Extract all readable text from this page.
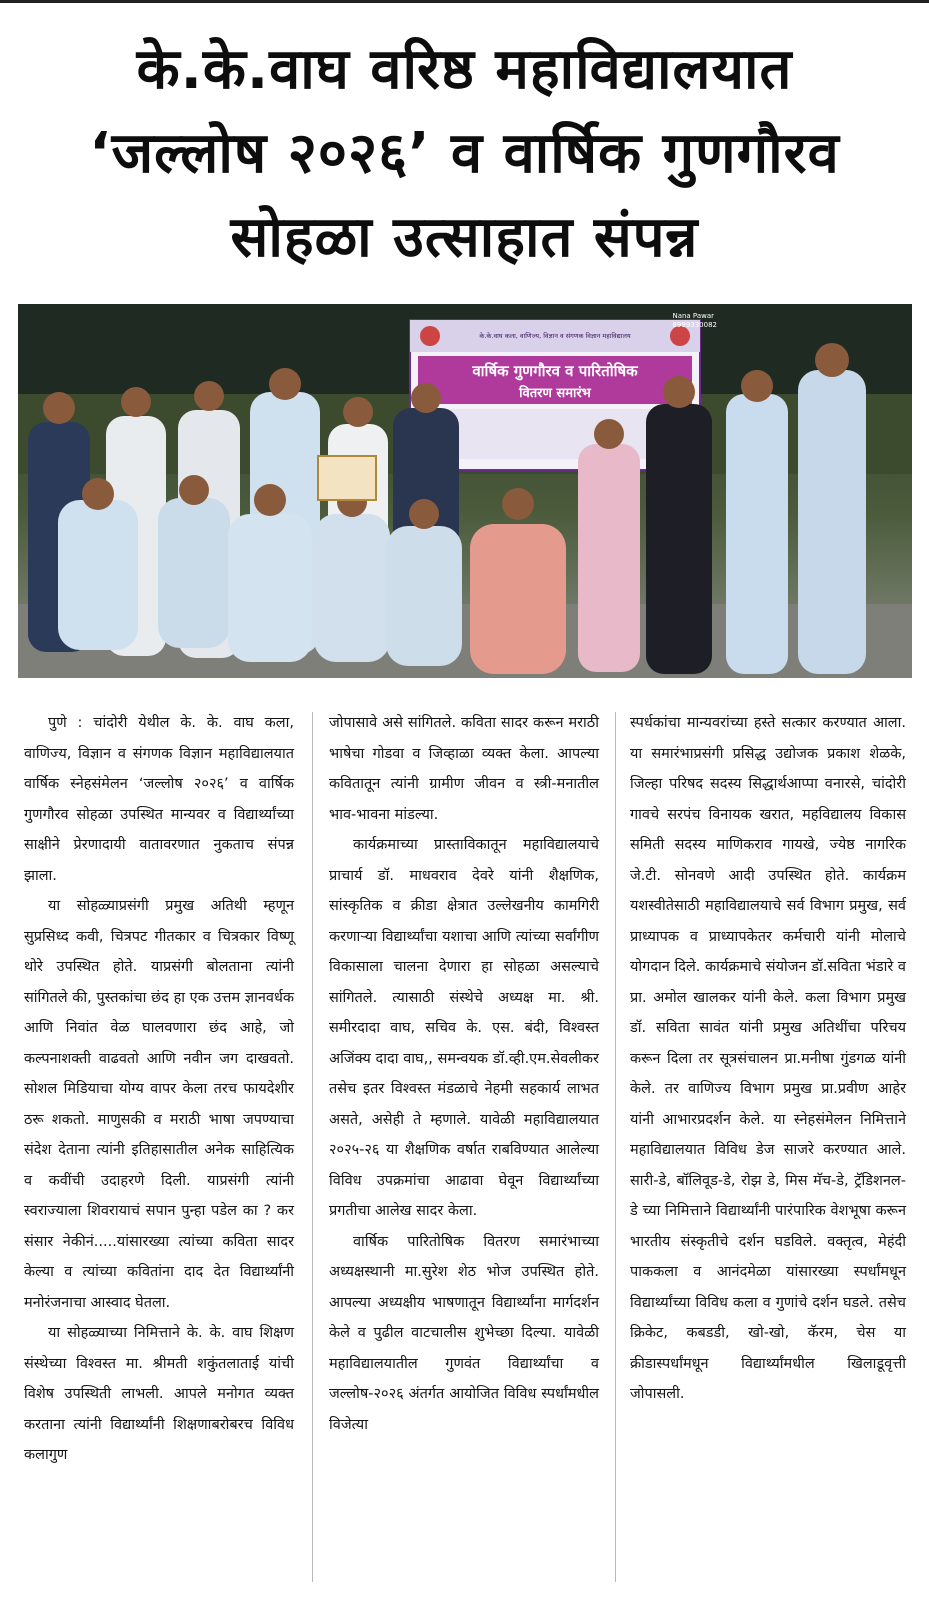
के.के.वाघ वरिष्ठ महाविद्यालयात
‘जल्लोष २०२६’ व वार्षिक गुणगौरव
सोहळा उत्साहात संपन्न
वार्षिक गुणगौरव व पारितोषिक
वितरण समारंभ
के.के.वाघ कला, वाणिज्य, विज्ञान व संगणक विज्ञान महाविद्यालय
Nana Pawar
8999330082

पुणे : चांदोरी येथील के. के. वाघ कला, वाणिज्य, विज्ञान व संगणक विज्ञान महाविद्यालयात वार्षिक स्नेहसंमेलन ‘जल्लोष २०२६’ व वार्षिक गुणगौरव सोहळा उपस्थित मान्यवर व विद्यार्थ्यांच्या साक्षीने प्रेरणादायी वातावरणात नुकताच संपन्न झाला.

या सोहळ्याप्रसंगी प्रमुख अतिथी म्हणून सुप्रसिध्द कवी, चित्रपट गीतकार व चित्रकार विष्णू थोरे उपस्थित होते. याप्रसंगी बोलताना त्यांनी सांगितले की, पुस्तकांचा छंद हा एक उत्तम ज्ञानवर्धक आणि निवांत वेळ घालवणारा छंद आहे, जो कल्पनाशक्ती वाढवतो आणि नवीन जग दाखवतो. सोशल मिडियाचा योग्य वापर केला तरच फायदेशीर ठरू शकतो. माणुसकी व मराठी भाषा जपण्याचा संदेश देताना त्यांनी इतिहासातील अनेक साहित्यिक व कवींची उदाहरणे दिली. याप्रसंगी त्यांनी स्वराज्याला शिवरायाचं सपान पुन्हा पडेल का ? कर संसार नेकीनं.....यांसारख्या त्यांच्या कविता सादर केल्या व त्यांच्या कवितांना दाद देत विद्यार्थ्यांनी मनोरंजनाचा आस्वाद घेतला.

या सोहळ्याच्या निमित्ताने के. के. वाघ शिक्षण संस्थेच्या विश्वस्त मा. श्रीमती शकुंतलाताई यांची विशेष उपस्थिती लाभली. आपले मनोगत व्यक्त करताना त्यांनी विद्यार्थ्यांनी शिक्षणाबरोबरच विविध कलागुण

जोपासावे असे सांगितले. कविता सादर करून मराठी भाषेचा गोडवा व जिव्हाळा व्यक्त केला. आपल्या कवितातून त्यांनी ग्रामीण जीवन व स्त्री-मनातील भाव-भावना मांडल्या.

कार्यक्रमाच्या प्रास्ताविकातून महाविद्यालयाचे प्राचार्य डॉ. माधवराव देवरे यांनी शैक्षणिक, सांस्कृतिक व क्रीडा क्षेत्रात उल्लेखनीय कामगिरी करणाऱ्या विद्यार्थ्यांचा यशाचा आणि त्यांच्या सर्वांगीण विकासाला चालना देणारा हा सोहळा असल्याचे सांगितले. त्यासाठी संस्थेचे अध्यक्ष मा. श्री. समीरदादा वाघ, सचिव के. एस. बंदी, विश्वस्त अजिंक्य दादा वाघ,, समन्वयक डॉ.व्ही.एम.सेवलीकर तसेच इतर विश्वस्त मंडळाचे नेहमी सहकार्य लाभत असते, असेही ते म्हणाले. यावेळी महाविद्यालयात २०२५-२६ या शैक्षणिक वर्षात राबविण्यात आलेल्या विविध उपक्रमांचा आढावा घेवून विद्यार्थ्यांच्या प्रगतीचा आलेख सादर केला.

वार्षिक पारितोषिक वितरण समारंभाच्या अध्यक्षस्थानी मा.सुरेश शेठ भोज उपस्थित होते. आपल्या अध्यक्षीय भाषणातून विद्यार्थ्यांना मार्गदर्शन केले व पुढील वाटचालीस शुभेच्छा दिल्या. यावेळी महाविद्यालयातील गुणवंत विद्यार्थ्यांचा व जल्लोष-२०२६ अंतर्गत आयोजित विविध स्पर्धांमधील विजेत्या

स्पर्धकांचा मान्यवरांच्या हस्ते सत्कार करण्यात आला. या समारंभाप्रसंगी प्रसिद्ध उद्योजक प्रकाश शेळके, जिल्हा परिषद सदस्य सिद्धार्थआप्पा वनारसे, चांदोरी गावचे सरपंच विनायक खरात, महविद्यालय विकास समिती सदस्य माणिकराव गायखे, ज्येष्ठ नागरिक जे.टी. सोनवणे आदी उपस्थित होते. कार्यक्रम यशस्वीतेसाठी महाविद्यालयाचे सर्व विभाग प्रमुख, सर्व प्राध्यापक व प्राध्यापकेतर कर्मचारी यांनी मोलाचे योगदान दिले. कार्यक्रमाचे संयोजन डॉ.सविता भंडारे व प्रा. अमोल खालकर यांनी केले. कला विभाग प्रमुख डॉ. सविता सावंत यांनी प्रमुख अतिथींचा परिचय करून दिला तर सूत्रसंचालन प्रा.मनीषा गुंडगळ यांनी केले. तर वाणिज्य विभाग प्रमुख प्रा.प्रवीण आहेर यांनी आभारप्रदर्शन केले. या स्नेहसंमेलन निमित्ताने महाविद्यालयात विविध डेज साजरे करण्यात आले. सारी-डे, बॉलिवूड-डे, रोझ डे, मिस मॅच-डे, ट्रॅडिशनल-डे च्या निमित्ताने विद्यार्थ्यांनी पारंपारिक वेशभूषा करून भारतीय संस्कृतीचे दर्शन घडविले. वक्तृत्व, मेहंदी पाककला व आनंदमेळा यांसारख्या स्पर्धांमधून विद्यार्थ्यांच्या विविध कला व गुणांचे दर्शन घडले. तसेच क्रिकेट, कबडडी, खो-खो, कॅरम, चेस या क्रीडास्पर्धांमधून विद्यार्थ्यांमधील खिलाडूवृत्ती जोपासली.
